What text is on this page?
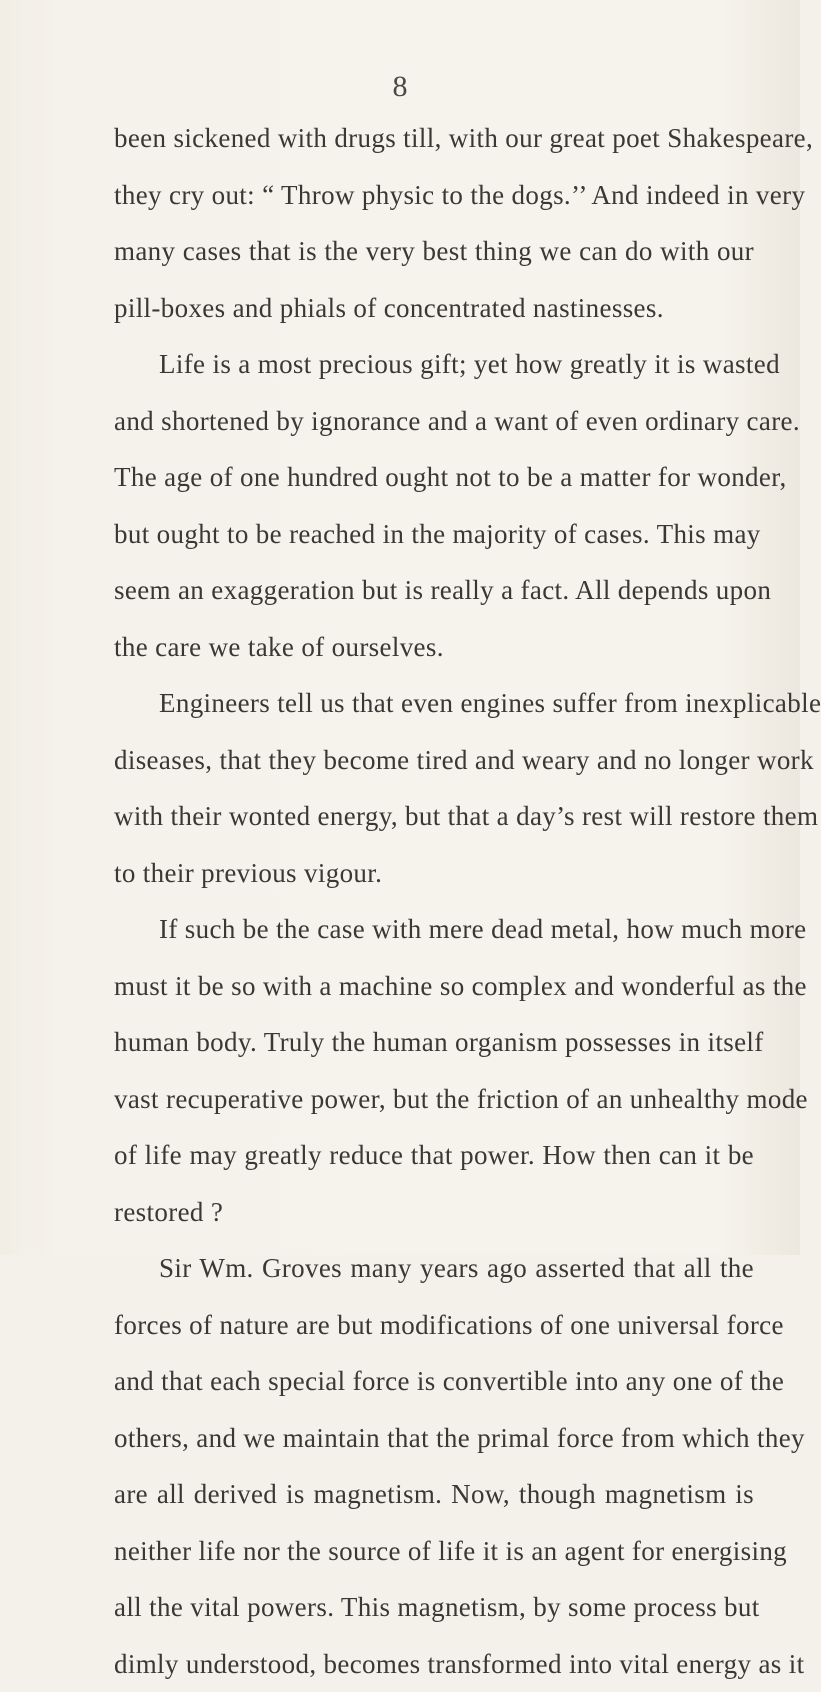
8
been sickened with drugs till, with our great poet Shakespeare,
they cry out: “ Throw physic to the dogs.’’ And indeed in very
many cases that is the very best thing we can do with our
pill-boxes and phials of concentrated nastinesses.
Life is a most precious gift; yet how greatly it is wasted
and shortened by ignorance and a want of even ordinary care.
The age of one hundred ought not to be a matter for wonder,
but ought to be reached in the majority of cases. This may
seem an exaggeration but is really a fact. All depends upon
the care we take of ourselves.
Engineers tell us that even engines suffer from inexplicable
diseases, that they become tired and weary and no longer work
with their wonted energy, but that a day’s rest will restore them
to their previous vigour.
If such be the case with mere dead metal, how much more
must it be so with a machine so complex and wonderful as the
human body. Truly the human organism possesses in itself
vast recuperative power, but the friction of an unhealthy mode
of life may greatly reduce that power. How then can it be
restored ?
Sir Wm. Groves many years ago asserted that all the
forces of nature are but modifications of one universal force
and that each special force is convertible into any one of the
others, and we maintain that the primal force from which they
are all derived is magnetism. Now, though magnetism is
neither life nor the source of life it is an agent for energising
all the vital powers. This magnetism, by some process but
dimly understood, becomes transformed into vital energy as it
